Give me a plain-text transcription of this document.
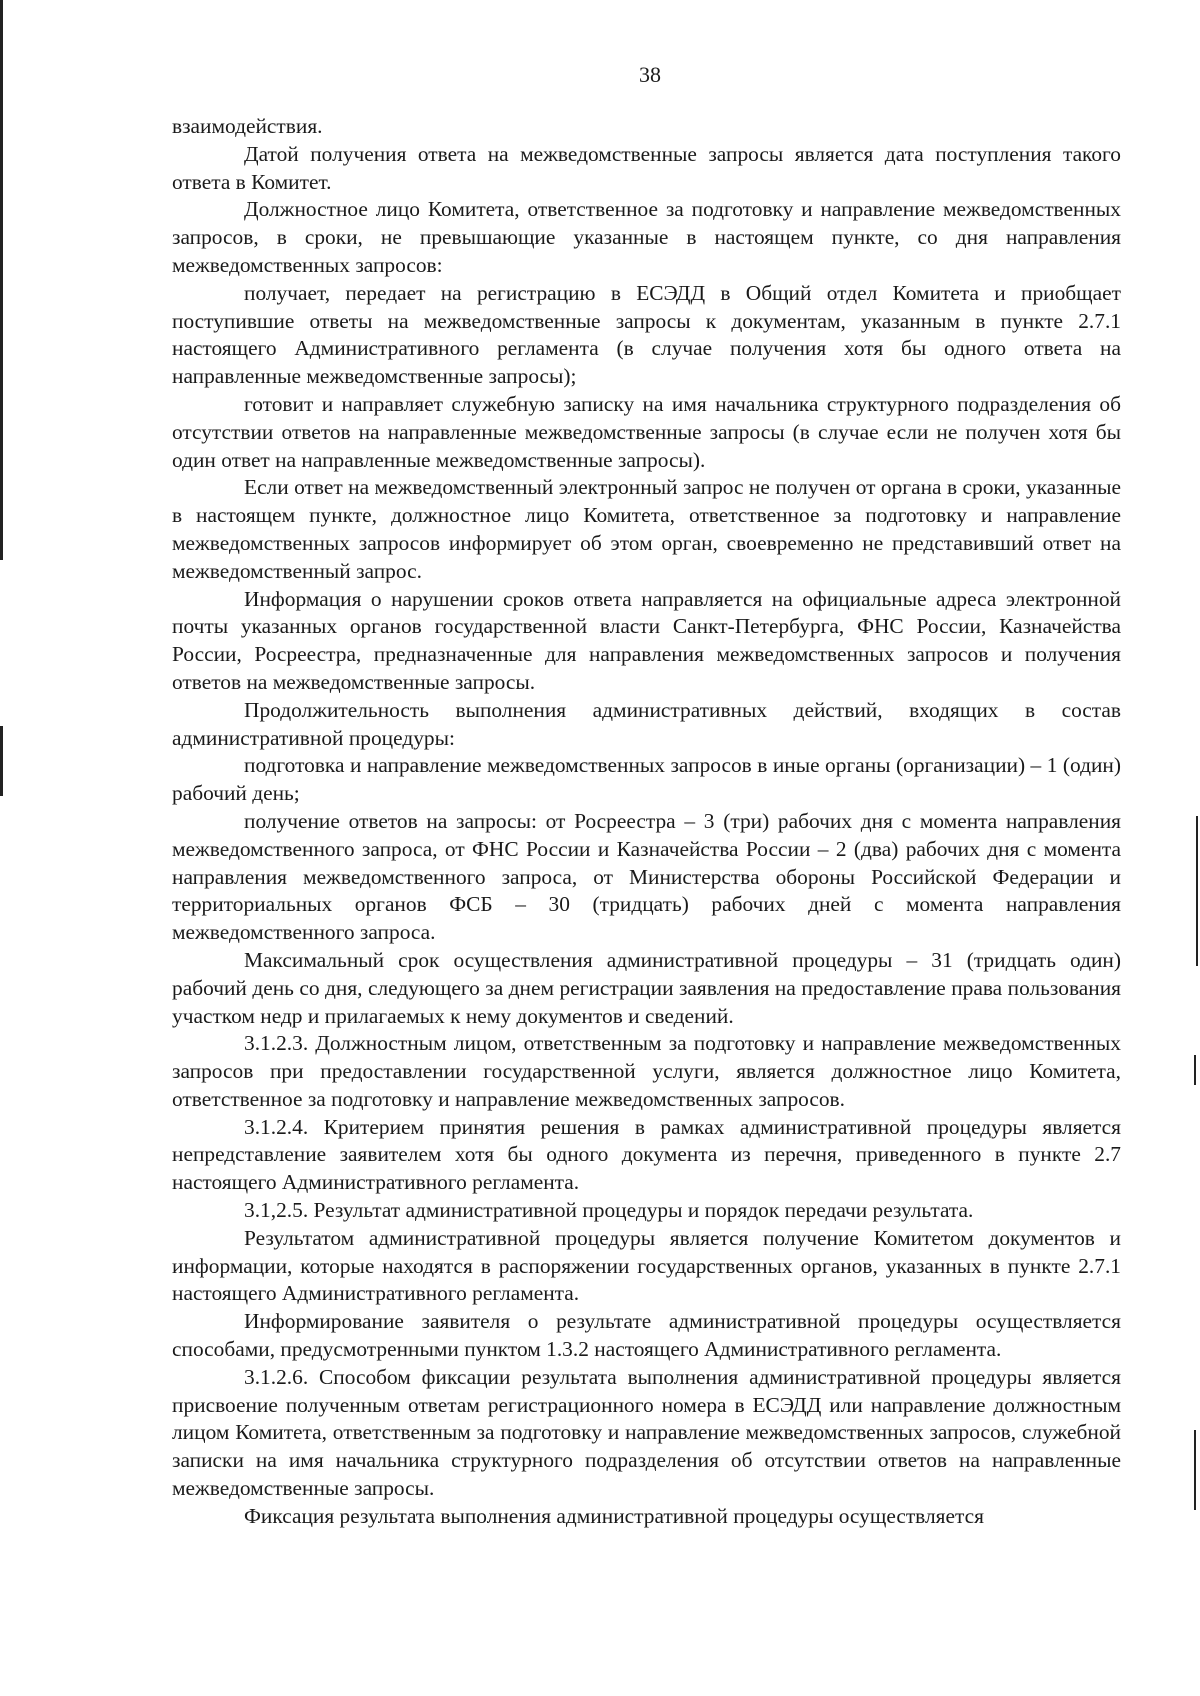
38

взаимодействия.

Датой получения ответа на межведомственные запросы является дата поступления такого ответа в Комитет.

Должностное лицо Комитета, ответственное за подготовку и направление межведомственных запросов, в сроки, не превышающие указанные в настоящем пункте, со дня направления межведомственных запросов:

получает, передает на регистрацию в ЕСЭДД в Общий отдел Комитета и приобщает поступившие ответы на межведомственные запросы к документам, указанным в пункте 2.7.1 настоящего Административного регламента (в случае получения хотя бы одного ответа на направленные межведомственные запросы);

готовит и направляет служебную записку на имя начальника структурного подразделения об отсутствии ответов на направленные межведомственные запросы (в случае если не получен хотя бы один ответ на направленные межведомственные запросы).

Если ответ на межведомственный электронный запрос не получен от органа в сроки, указанные в настоящем пункте, должностное лицо Комитета, ответственное за подготовку и направление межведомственных запросов информирует об этом орган, своевременно не представивший ответ на межведомственный запрос.

Информация о нарушении сроков ответа направляется на официальные адреса электронной почты указанных органов государственной власти Санкт-Петербурга, ФНС России, Казначейства России, Росреестра, предназначенные для направления межведомственных запросов и получения ответов на межведомственные запросы.

Продолжительность выполнения административных действий, входящих в состав административной процедуры:

подготовка и направление межведомственных запросов в иные органы (организации) – 1 (один) рабочий день;

получение ответов на запросы: от Росреестра – 3 (три) рабочих дня с момента направления межведомственного запроса, от ФНС России и Казначейства России – 2 (два) рабочих дня с момента направления межведомственного запроса, от Министерства обороны Российской Федерации и территориальных органов ФСБ – 30 (тридцать) рабочих дней с момента направления межведомственного запроса.

Максимальный срок осуществления административной процедуры – 31 (тридцать один) рабочий день со дня, следующего за днем регистрации заявления на предоставление права пользования участком недр и прилагаемых к нему документов и сведений.

3.1.2.3. Должностным лицом, ответственным за подготовку и направление межведомственных запросов при предоставлении государственной услуги, является должностное лицо Комитета, ответственное за подготовку и направление межведомственных запросов.

3.1.2.4. Критерием принятия решения в рамках административной процедуры является непредставление заявителем хотя бы одного документа из перечня, приведенного в пункте 2.7 настоящего Административного регламента.

3.1,2.5. Результат административной процедуры и порядок передачи результата.

Результатом административной процедуры является получение Комитетом документов и информации, которые находятся в распоряжении государственных органов, указанных в пункте 2.7.1 настоящего Административного регламента.

Информирование заявителя о результате административной процедуры осуществляется способами, предусмотренными пунктом 1.3.2 настоящего Административного регламента.

3.1.2.6. Способом фиксации результата выполнения административной процедуры является присвоение полученным ответам регистрационного номера в ЕСЭДД или направление должностным лицом Комитета, ответственным за подготовку и направление межведомственных запросов, служебной записки на имя начальника структурного подразделения об отсутствии ответов на направленные межведомственные запросы.

Фиксация результата выполнения административной процедуры осуществляется
